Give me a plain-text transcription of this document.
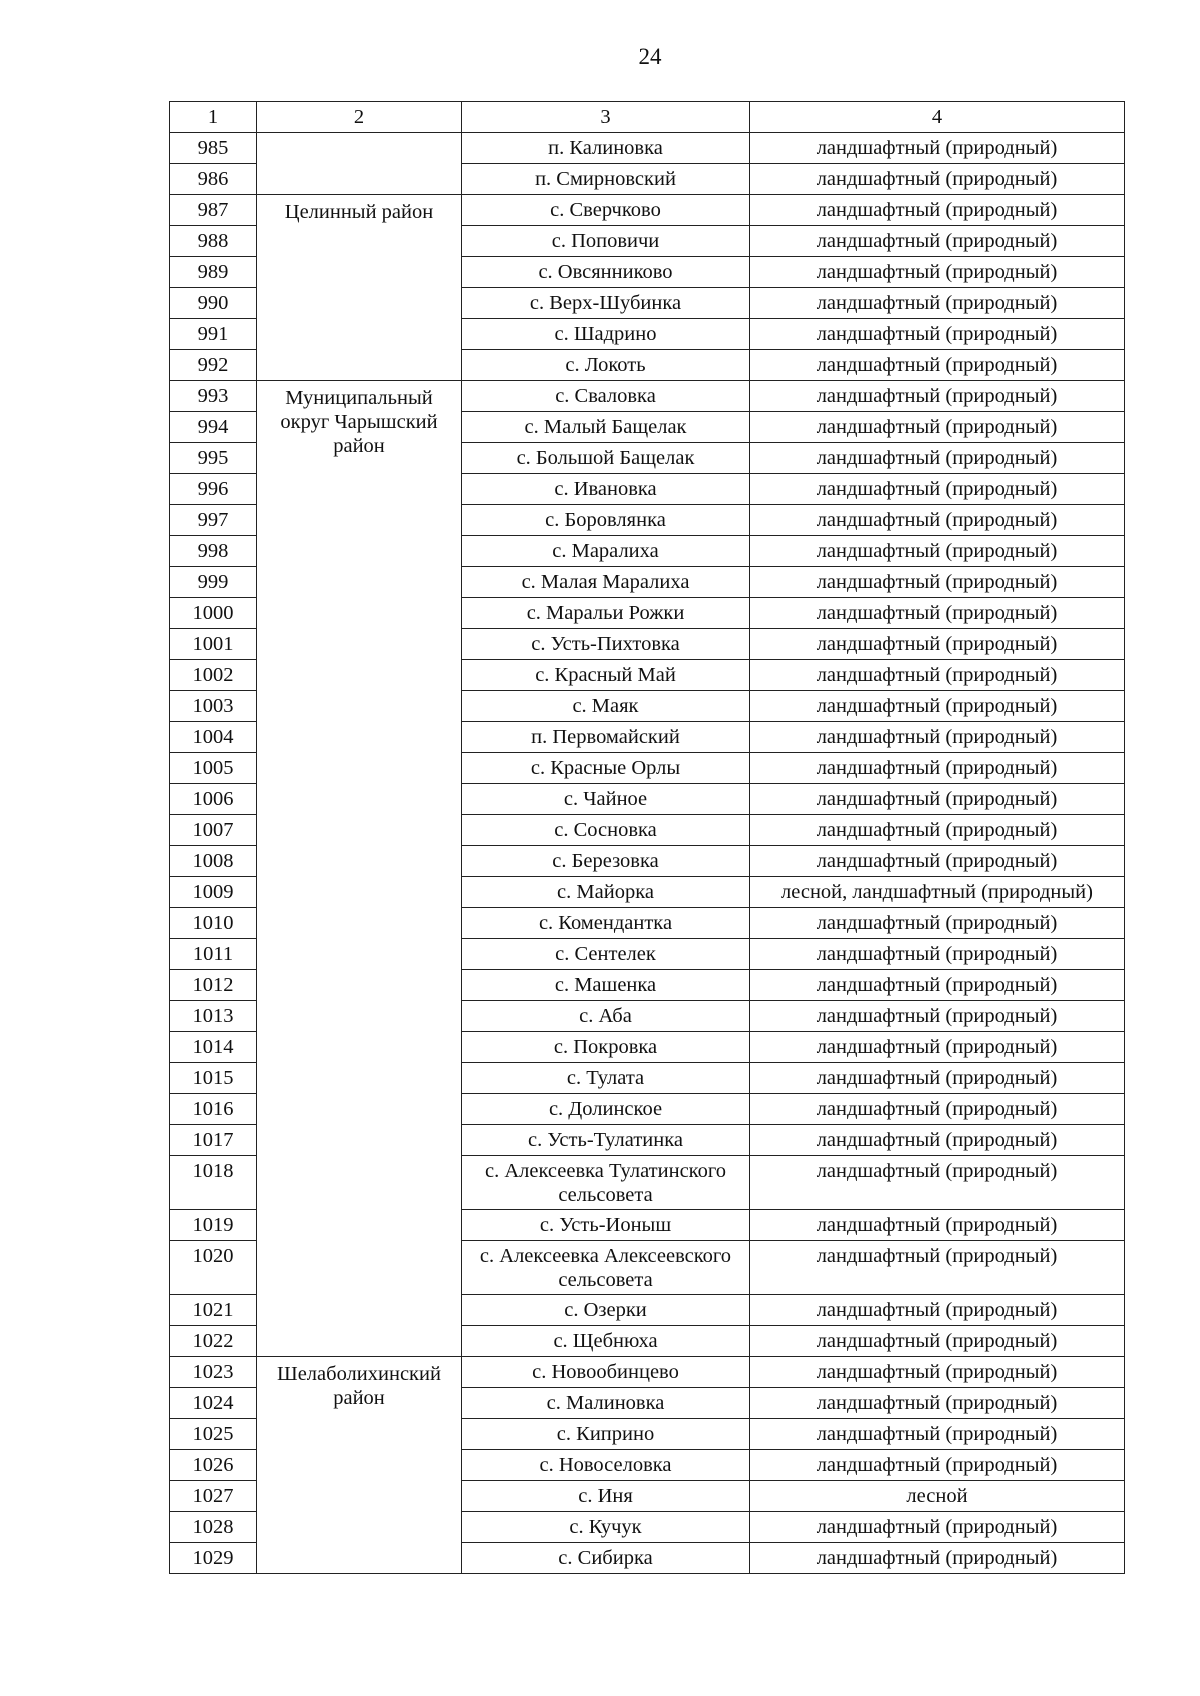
24
1	2	3	4
985		п. Калиновка	ландшафтный (природный)
986		п. Смирновский	ландшафтный (природный)
987	Целинный район	с. Сверчково	ландшафтный (природный)
988		с. Поповичи	ландшафтный (природный)
989		с. Овсянниково	ландшафтный (природный)
990		с. Верх-Шубинка	ландшафтный (природный)
991		с. Шадрино	ландшафтный (природный)
992		с. Локоть	ландшафтный (природный)
993	Муниципальный округ Чарышский район	с. Сваловка	ландшафтный (природный)
994		с. Малый Бащелак	ландшафтный (природный)
995		с. Большой Бащелак	ландшафтный (природный)
996		с. Ивановка	ландшафтный (природный)
997		с. Боровлянка	ландшафтный (природный)
998		с. Маралиха	ландшафтный (природный)
999		с. Малая Маралиха	ландшафтный (природный)
1000		с. Маральи Рожки	ландшафтный (природный)
1001		с. Усть-Пихтовка	ландшафтный (природный)
1002		с. Красный Май	ландшафтный (природный)
1003		с. Маяк	ландшафтный (природный)
1004		п. Первомайский	ландшафтный (природный)
1005		с. Красные Орлы	ландшафтный (природный)
1006		с. Чайное	ландшафтный (природный)
1007		с. Сосновка	ландшафтный (природный)
1008		с. Березовка	ландшафтный (природный)
1009		с. Майорка	лесной, ландшафтный (природный)
1010		с. Комендантка	ландшафтный (природный)
1011		с. Сентелек	ландшафтный (природный)
1012		с. Машенка	ландшафтный (природный)
1013		с. Аба	ландшафтный (природный)
1014		с. Покровка	ландшафтный (природный)
1015		с. Тулата	ландшафтный (природный)
1016		с. Долинское	ландшафтный (природный)
1017		с. Усть-Тулатинка	ландшафтный (природный)
1018		с. Алексеевка Тулатинского сельсовета	ландшафтный (природный)
1019		с. Усть-Ионыш	ландшафтный (природный)
1020		с. Алексеевка Алексеевского сельсовета	ландшафтный (природный)
1021		с. Озерки	ландшафтный (природный)
1022		с. Щебнюха	ландшафтный (природный)
1023	Шелаболихинский район	с. Новообинцево	ландшафтный (природный)
1024		с. Малиновка	ландшафтный (природный)
1025		с. Киприно	ландшафтный (природный)
1026		с. Новоселовка	ландшафтный (природный)
1027		с. Иня	лесной
1028		с. Кучук	ландшафтный (природный)
1029		с. Сибирка	ландшафтный (природный)
